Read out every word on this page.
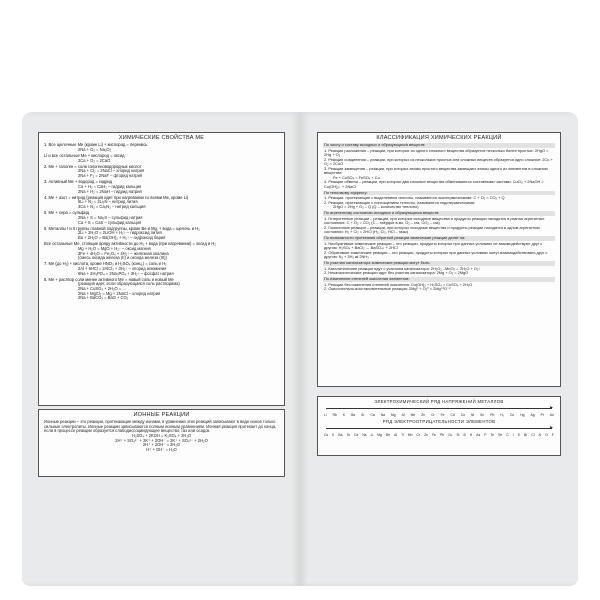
ХИМИЧЕСКИЕ СВОЙСТВА МЕ
1. Все щелочные Ме (кроме Li) + кислород = перекись
2Na + O₂ = Na₂O₂
Li и все остальные Ме + кислород = оксид
2Ca + O₂ = 2CaO
2. Ме + галоген = соли галогеноводородных кислот
2Na + Cl₂ = 2NaCl – хлорид натрия
2Na + F₂ = 2NaF – фторид натрия
3. Активный Ме + водород = гидрид
Ca + H₂ = CaH₂ – гидрид кальция
2Na + H₂ = 2NaH – гидрид натрия
4. Ме + азот = нитрид (реакция идет при нагревании со всеми Ме, кроме Li)
6Li + N₂ = 2Li₃N – нитрид лития
3Ca + N₂ = Ca₃N₂ – нитрид кальция
5. Ме + сера = сульфид
2Na + S = Na₂S – сульфид натрия
Ca + S = CaS – сульфид кальция
6. Металлы I и II группы главной подгруппы, кроме Be и Mg, + вода = щелочь и H₂
2Li + 2H₂O = 2LiOH + H₂↑ – гидроксид лития
Ba + 2H₂O = Ba(OH)₂ + H₂↑ – гидроксид бария
Все остальные Ме, стоящие вряду активности до H₂ + вода (при нагревании) = оксид и H₂
Mg + H₂O = MgO + H₂↑ – оксид магния
3Fe + 4H₂O = Fe₃O₄ + 4H₂↑ – железная окалина
(смесь оксида железа (II) и оксида железа (III))
7. Ме (до H₂) + кислота, кроме HNO₃ и H₂SO₄ (конц.) = соль и H₂
2Al + 6HCl = 2AlCl₃ + 3H₂↑ – хлорид алюминия
6Na + 2H₃PO₄ = 2Na₃PO₄ + 3H₂↑ – фосфат натрия
8. Ме + раствор соли менее активного Ме = новый соль и новый Ме
(реакция идет, если образующаяся соль растворима)
2Na + CuSO₄ + 2H₂O = ...
2Na + MgCl₂ = Mg + 2NaCl – хлорид натрия
2Na + BaCO₃ = BaO + CO₂
ИОННЫЕ РЕАКЦИИ
Ионные реакции – это реакции, протекающие между ионами, в уравнении этих реакций записывают в виде ионов только сильные электролиты. Ионные реакции записываются полным ионным уравнением. Ионная реакция протекает до конца, если в процессе реакции образуется слабодиссоциирующее вещество, газ или осадок.
H₂SO₄ + 2KOH = K₂SO₄ + 2H₂O
2H⁺ + SO₄²⁻ + 2K⁺ + 2OH⁻ = 2K⁺ + SO₄²⁻ + 2H₂O
2H⁺ + 2OH⁻ = 2H₂O
H⁺ + OH⁻ = H₂O
КЛАССИФИКАЦИЯ ХИМИЧЕСКИХ РЕАКЦИЙ
По числу и составу исходных и образующихся веществ:
1. Реакции разложения – реакции, при которых из одного сложного вещества образуется несколько более простых: 2HgO = 2Hg + O₂
2. Реакции соединения – реакции, при которых из нескольких простых или сложных веществ образуется одно сложное: 2Cu + O₂ = 2CuO
3. Реакции замещения – реакции, при которых атомы простого вещества замещают атомы одного из элементов в сложном веществе:
Fe + CuSO₄ = FeSO₄ + Cu
4. Реакции обмена – реакции, при которых два сложных вещества обмениваются составными частями: CuCl₂ + 2NaOH = Cu(OH)₂↓ + 2NaCl
По тепловому эффекту:
1. Реакции, протекающие с выделением теплоты, называются экзотермическими: C + O₂ = CO₂ + Q
2. Реакции, протекающие с поглощением теплоты, называются эндотермическими:
2HgO = 2Hg + O₂ – Q (Q – количество теплоты)
По агрегатному состоянию исходных и образующихся веществ:
1. Гетерогенные реакции – реакции, при которых исходные вещества и продукты реакции находятся в разных агрегатных состояниях: C + O₂ = CO₂ (C – твёрдое в-во, O₂ – газ, CO₂ – газ)
2. Гомогенные реакции – реакции, при которых исходные вещества и продукты реакции находятся в одном агрегатном состоянии: H₂ + Cl₂ = 2HCl (H₂, Cl₂, HCl – газы)
По возможности протекания обратной реакции химические реакции делят на:
1. Необратимые химические реакции – это реакции, продукты которых при данных условиях не взаимодействуют друг с другом: H₂SO₄ + BaCl₂ → BaSO₄↓ + 2HCl
2. Обратимые химические реакции – это реакции, продукты которых при данных условиях могут взаимодействовать друг с другом: N₂ + 3H₂ ⇌ 2NH₃
По участию катализатора химические реакции могут быть:
1. Каталитические реакции идут с участием катализатора: 2H₂O₂ –MnO₂→ 2H₂O + O₂↑
2. Некаталитические реакции идут без участия катализатора: 2Mg + O₂ = 2MgO
По изменению степеней окисления элементов:
1. Реакции без изменения степеней окисления: Cu(OH)₂ + H₂SO₄ = CuSO₄ + 2H₂O
2. Окислительно-восстановительные реакции: 2Mg⁰ + O₂⁰ = 2Mg⁺²O⁻²
ЭЛЕКТРОХИМИЧЕСКИЙ РЯД НАПРЯЖЕНИЙ МЕТАЛЛОВ
►
Li Rb K Ba Sr Ca Na Mg Al Mn Zn Cr Fe Cd Co Ni Sn Pb H₂ Cu Hg Ag Pt Au
РЯД ЭЛЕКТРООТРИЦАТЕЛЬНОСТИ ЭЛЕМЕНТОВ
►
Cs K Ba Sr Ca Na Li Mg Be Al Ti Mn Cr Zn Fe Pb Cu Si B H As P Te Se C I S Br Cl N O F
